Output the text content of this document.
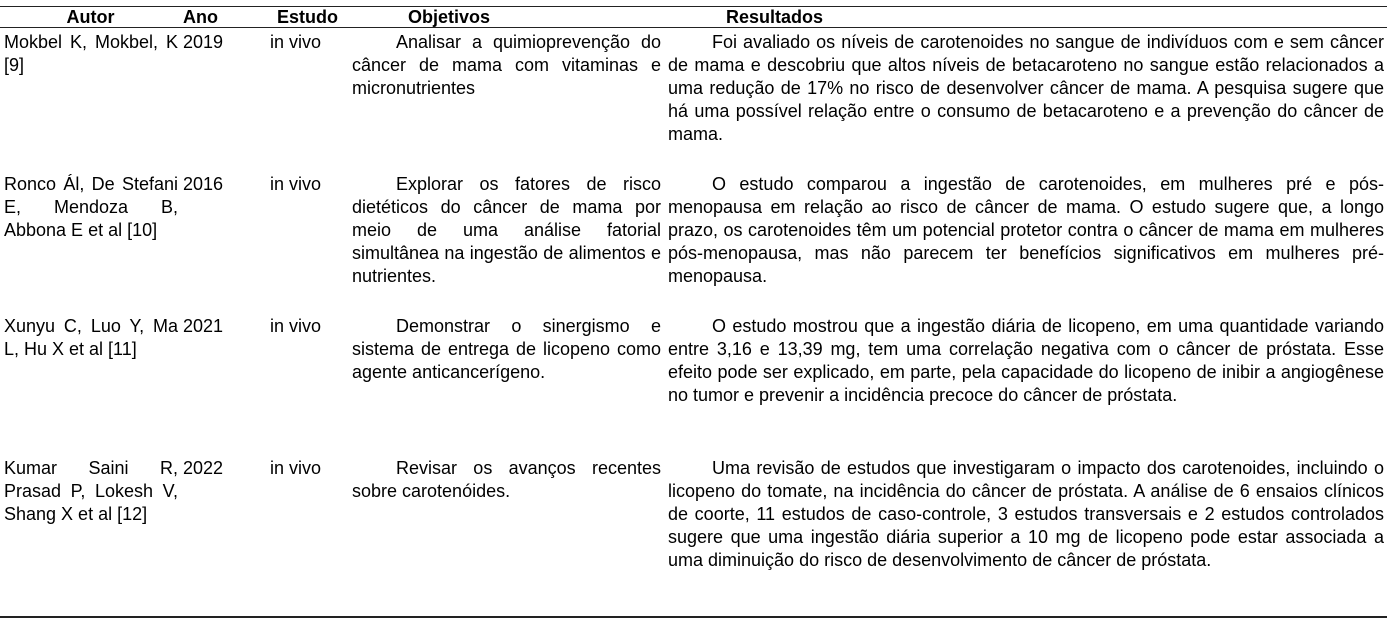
Autor	Ano	Estudo	Objetivos	Resultados
Mokbel K, Mokbel, K [9]	2019	in vivo	Analisar a quimioprevenção do câncer de mama com vitaminas e micronutrientes	Foi avaliado os níveis de carotenoides no sangue de indivíduos com e sem câncer de mama e descobriu que altos níveis de betacaroteno no sangue estão relacionados a uma redução de 17% no risco de desenvolver câncer de mama. A pesquisa sugere que há uma possível relação entre o consumo de betacaroteno e a prevenção do câncer de mama.
Ronco Ál, De Stefani E, Mendoza B, Abbona E et al [10]	2016	in vivo	Explorar os fatores de risco dietéticos do câncer de mama por meio de uma análise fatorial simultânea na ingestão de alimentos e nutrientes.	O estudo comparou a ingestão de carotenoides, em mulheres pré e pós-menopausa em relação ao risco de câncer de mama. O estudo sugere que, a longo prazo, os carotenoides têm um potencial protetor contra o câncer de mama em mulheres pós-menopausa, mas não parecem ter benefícios significativos em mulheres pré-menopausa.
Xunyu C, Luo Y, Ma L, Hu X et al [11]	2021	in vivo	Demonstrar o sinergismo e sistema de entrega de licopeno como agente anticancerígeno.	O estudo mostrou que a ingestão diária de licopeno, em uma quantidade variando entre 3,16 e 13,39 mg, tem uma correlação negativa com o câncer de próstata. Esse efeito pode ser explicado, em parte, pela capacidade do licopeno de inibir a angiogênese no tumor e prevenir a incidência precoce do câncer de próstata.
Kumar Saini R, Prasad P, Lokesh V, Shang X et al [12]	2022	in vivo	Revisar os avanços recentes sobre carotenóides.	Uma revisão de estudos que investigaram o impacto dos carotenoides, incluindo o licopeno do tomate, na incidência do câncer de próstata. A análise de 6 ensaios clínicos de coorte, 11 estudos de caso-controle, 3 estudos transversais e 2 estudos controlados sugere que uma ingestão diária superior a 10 mg de licopeno pode estar associada a uma diminuição do risco de desenvolvimento de câncer de próstata.
